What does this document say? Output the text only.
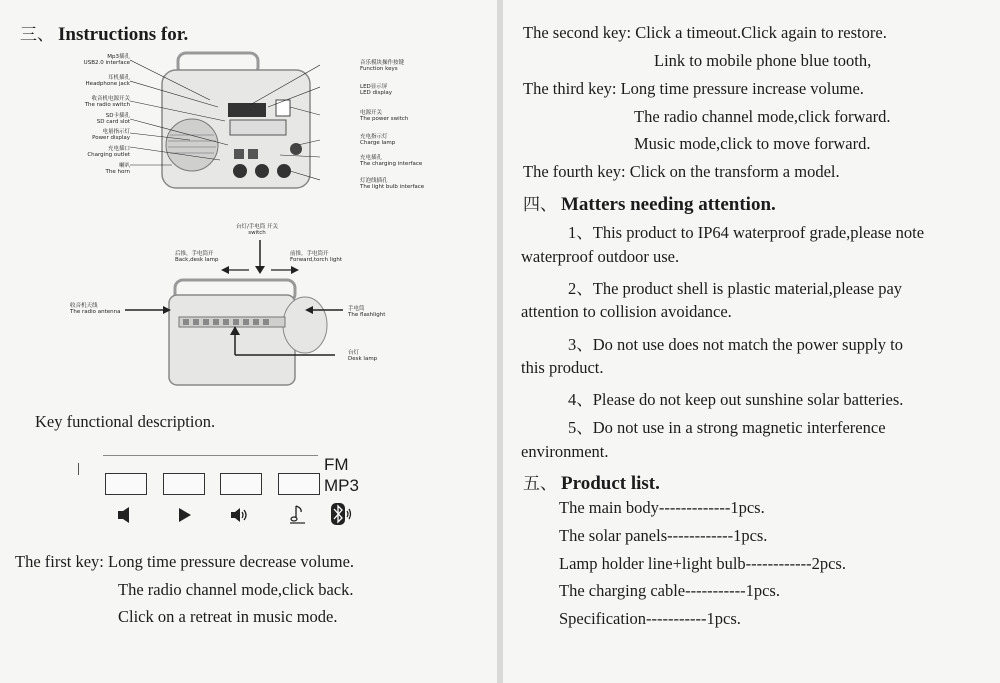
三、 Instructions for.
Mp3插孔
USB2.0 interface
耳机插孔
Headphone jack
收音机电源开关
The radio switch
SD卡插孔
SD card slot
电量指示灯
Power display
充电插口
Charging outlet
喇叭
The horn
音乐模块操作按键
Function keys
LED显示屏
LED display
电源开关
The power switch
充电指示灯
Charge lamp
充电插孔
The charging interface
灯泡线插孔
The light bulb interface
台灯/手电筒 开关
switch
后推，手电筒开
Back,desk lamp
前推，手电筒开
Forward,torch light
收音机天线
The radio antenna	手电筒
The flashlight
台灯
Desk lamp
Key functional description.
FM
MP3
The first key: Long time pressure decrease volume.
The radio channel mode,click back.
Click on a retreat in music mode.
The second key: Click a timeout.Click again to restore.
Link to mobile phone blue tooth,
The third key: Long time pressure increase volume.
The radio channel mode,click forward.
Music mode,click to move forward.
The fourth key: Click on the transform a model.
四、 Matters needing attention.
1、This product to IP64 waterproof grade,please note
waterproof outdoor use.
2、The product shell is plastic material,please pay
attention to collision avoidance.
3、Do not use does not match the power supply to
this product.
4、Please do not keep out sunshine solar batteries.
5、Do not use in a strong magnetic interference
environment.
五、 Product list.
The main body-------------1pcs.
The solar panels------------1pcs.
Lamp holder line+light bulb------------2pcs.
The charging cable-----------1pcs.
Specification-----------1pcs.
